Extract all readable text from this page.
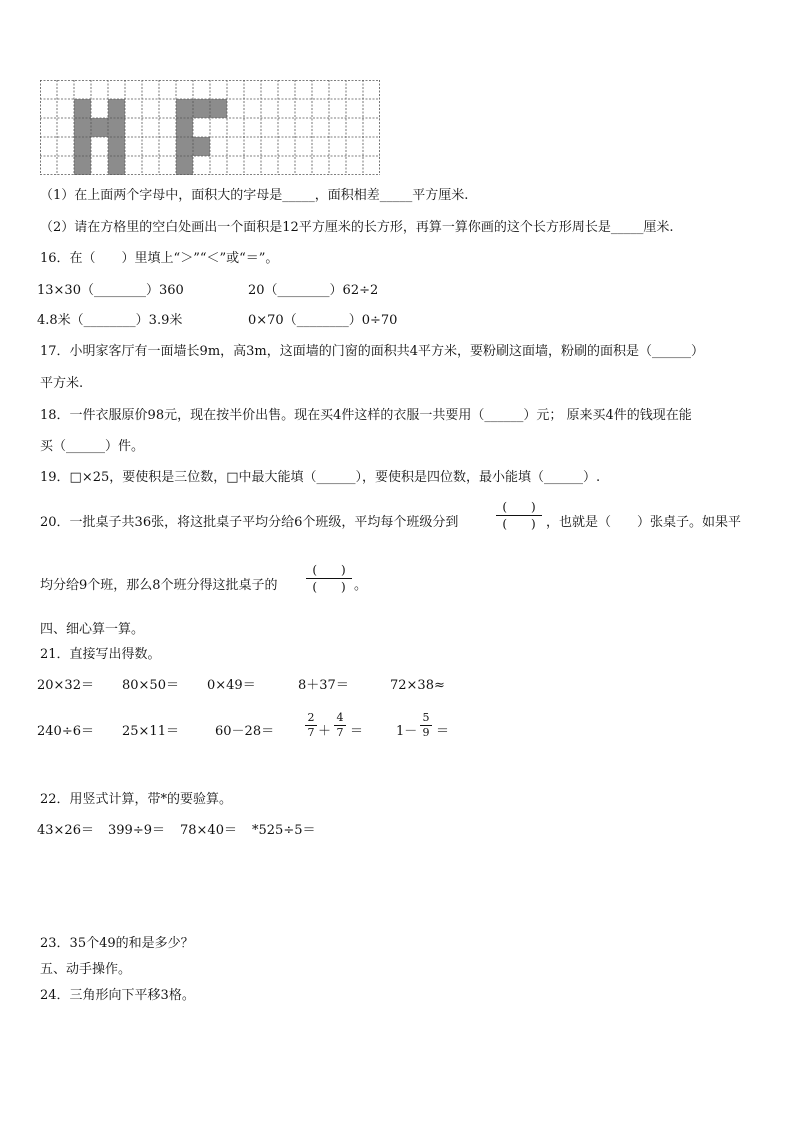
（1）在上面两个字母中，面积大的字母是_____，面积相差_____平方厘米.
（2）请在方格里的空白处画出一个面积是12平方厘米的长方形，再算一算你画的这个长方形周长是_____厘米.
16．在（　　）里填上“＞”“＜”或“＝”。
13×30（________）360	20（________）62÷2
4.8米（________）3.9米	0×70（________）0÷70
17．小明家客厅有一面墙长9m，高3m，这面墙的门窗的面积共4平方米，要粉刷这面墙，粉刷的面积是（______）
平方米.
18．一件衣服原价98元，现在按半价出售。现在买4件这样的衣服一共要用（______）元； 原来买4件的钱现在能
买（______）件。
19．□×25，要使积是三位数，□中最大能填（______），要使积是四位数，最小能填（______）.
20．一批桌子共36张，将这批桌子平均分给6个班级，平均每个班级分到
(　　)
(　　) ，也就是（　　）张桌子。如果平
均分给9个班，那么8个班分得这批桌子的
(　　)
(　　) 。
四、细心算一算。
21．直接写出得数。
20×32＝ 80×50＝ 0×49＝	8＋37＝	72×38≈
240÷6＝ 25×11＝	60－28＝
2
7 ＋
4
7 ＝	1－
5
9 ＝
22．用竖式计算，带*的要验算。
43×26＝ 399÷9＝ 78×40＝ *525÷5＝
23．35个49的和是多少？
五、动手操作。
24．三角形向下平移3格。
